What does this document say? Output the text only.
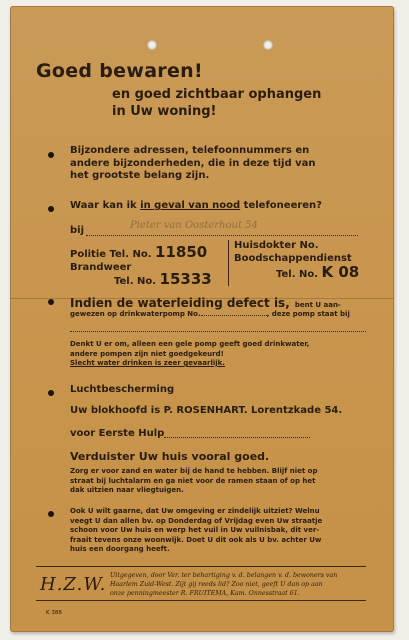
Goed bewaren!
en goed zichtbaar ophangen
in Uw woning!
Bijzondere adressen, telefoonnummers en
andere bijzonderheden, die in deze tijd van
het grootste belang zijn.
Waar kan ik in geval van nood telefoneeren?
bij	Pieter van Oosterhout 54
Politie Tel. No. 11850
Brandweer
Tel. No. 15333
Huisdokter No.
Boodschappendienst
Tel. No. K 08
Indien de waterleiding defect is, bent U aan-
gewezen op drinkwaterpomp No.	, deze pomp staat bij
Denkt U er om, alleen een gele pomp geeft goed drinkwater,
andere pompen zijn niet goedgekeurd!
Slecht water drinken is zeer gevaarlijk.
Luchtbescherming
Uw blokhoofd is P. ROSENHART. Lorentzkade 54.
voor Eerste Hulp
Verduister Uw huis vooral goed.
Zorg er voor zand en water bij de hand te hebben. Blijf niet op
straat bij luchtalarm en ga niet voor de ramen staan of op het
dak uitzien naar vliegtuigen.
Ook U wilt gaarne, dat Uw omgeving er zindelijk uitziet? Welnu
veegt U dan allen bv. op Donderdag of Vrijdag even Uw straatje
schoon voor Uw huis en werp het vuil in Uw vuilnisbak, dit ver-
fraait tevens onze woonwijk. Doet U dit ook als U bv. achter Uw
huis een doorgang heeft.
H.Z.W. Uitgegeven, door Ver. ter behartiging v. d. belangen v. d. bewoners van
Haarlem Zuid-West. Zijt gij reeds lid? Zoo niet, geeft U dan op aan
onze penningmeester R. FRUITEMA, Kam. Onnesstraat 61.
K 388
